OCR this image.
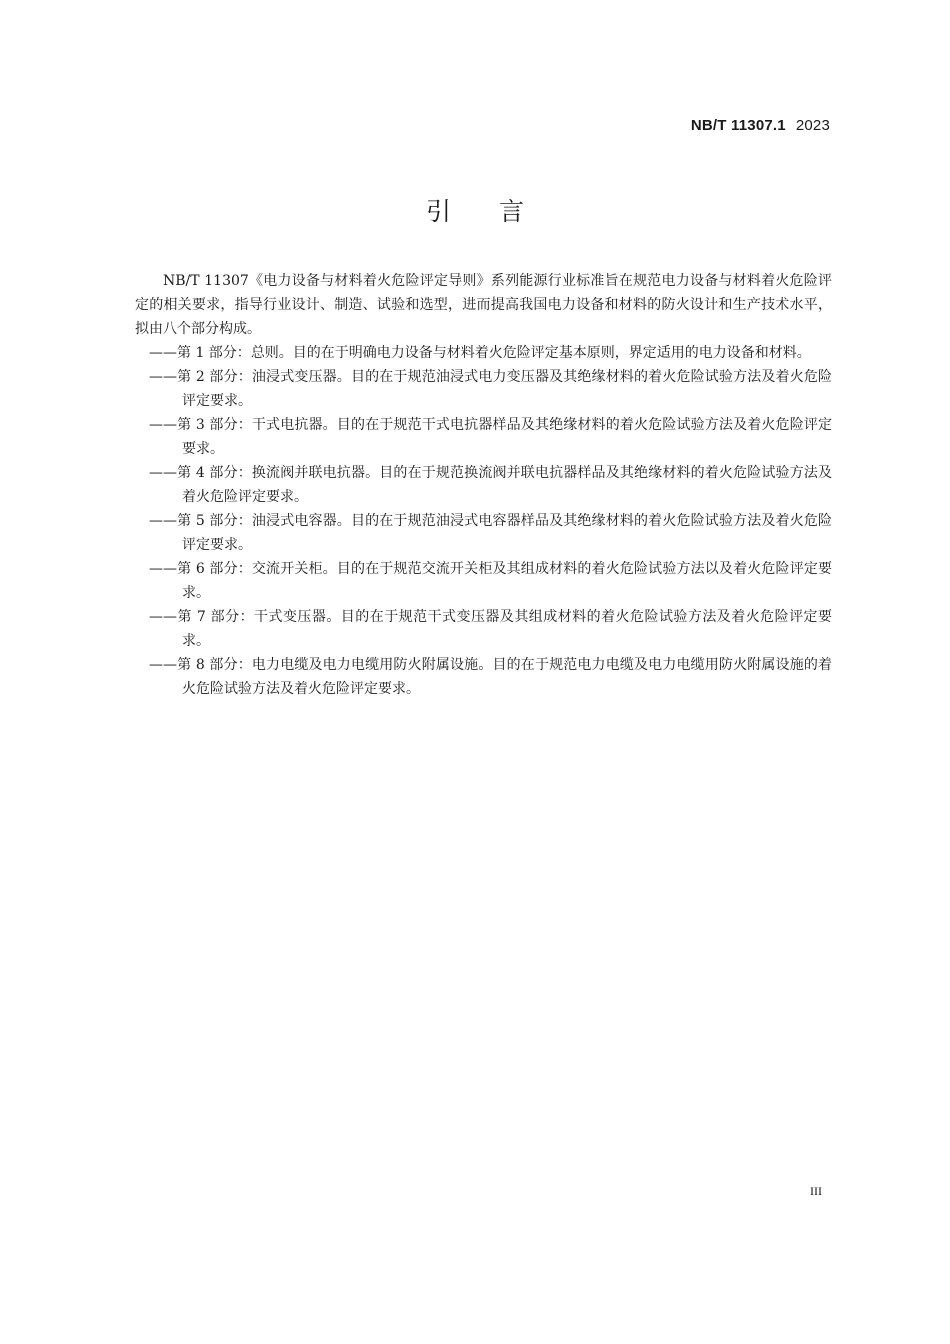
NB/T 11307.1 2023
引言

NB/T 11307《电力设备与材料着火危险评定导则》系列能源行业标准旨在规范电力设备与材料着火危险评定的相关要求，指导行业设计、制造、试验和选型，进而提高我国电力设备和材料的防火设计和生产技术水平，拟由八个部分构成。

——第 1 部分：总则。目的在于明确电力设备与材料着火危险评定基本原则，界定适用的电力设备和材料。
——第 2 部分：油浸式变压器。目的在于规范油浸式电力变压器及其绝缘材料的着火危险试验方法及着火危险评定要求。
——第 3 部分：干式电抗器。目的在于规范干式电抗器样品及其绝缘材料的着火危险试验方法及着火危险评定要求。
——第 4 部分：换流阀并联电抗器。目的在于规范换流阀并联电抗器样品及其绝缘材料的着火危险试验方法及着火危险评定要求。
——第 5 部分：油浸式电容器。目的在于规范油浸式电容器样品及其绝缘材料的着火危险试验方法及着火危险评定要求。
——第 6 部分：交流开关柜。目的在于规范交流开关柜及其组成材料的着火危险试验方法以及着火危险评定要求。
——第 7 部分：干式变压器。目的在于规范干式变压器及其组成材料的着火危险试验方法及着火危险评定要求。
——第 8 部分：电力电缆及电力电缆用防火附属设施。目的在于规范电力电缆及电力电缆用防火附属设施的着火危险试验方法及着火危险评定要求。
III
